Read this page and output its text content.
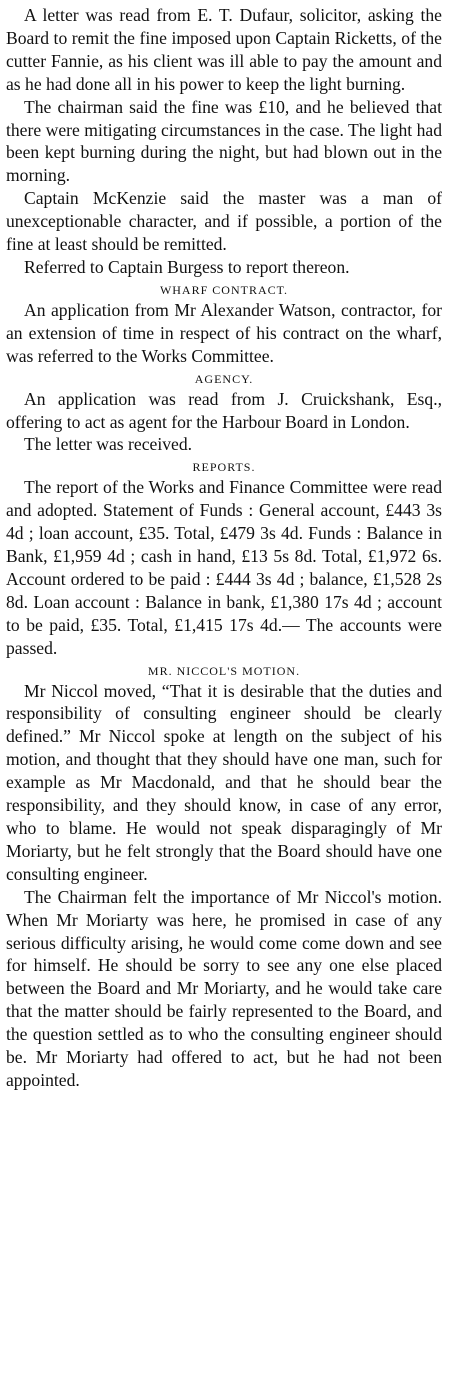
A letter was read from E. T. Dufaur, solicitor, asking the Board to remit the fine imposed upon Captain Ricketts, of the cutter Fannie, as his client was ill able to pay the amount and as he had done all in his power to keep the light burning.

The chairman said the fine was £10, and he believed that there were mitigating circumstances in the case. The light had been kept burning during the night, but had blown out in the morning.

Captain McKenzie said the master was a man of unexceptionable character, and if possible, a portion of the fine at least should be remitted.

Referred to Captain Burgess to report thereon.

WHARF CONTRACT.

An application from Mr Alexander Watson, contractor, for an extension of time in respect of his contract on the wharf, was referred to the Works Committee.

AGENCY.

An application was read from J. Cruickshank, Esq., offering to act as agent for the Harbour Board in London.

The letter was received.

REPORTS.

The report of the Works and Finance Committee were read and adopted. Statement of Funds : General account, £443 3s 4d ; loan account, £35. Total, £479 3s 4d. Funds : Balance in Bank, £1,959 4d ; cash in hand, £13 5s 8d. Total, £1,972 6s. Account ordered to be paid : £444 3s 4d ; balance, £1,528 2s 8d. Loan account : Balance in bank, £1,380 17s 4d ; account to be paid, £35. Total, £1,415 17s 4d.— The accounts were passed.

MR. NICCOL'S MOTION.

Mr Niccol moved, “That it is desirable that the duties and responsibility of consulting engineer should be clearly defined.” Mr Niccol spoke at length on the subject of his motion, and thought that they should have one man, such for example as Mr Macdonald, and that he should bear the responsibility, and they should know, in case of any error, who to blame. He would not speak disparagingly of Mr Moriarty, but he felt strongly that the Board should have one consulting engineer.

The Chairman felt the importance of Mr Niccol's motion. When Mr Moriarty was here, he promised in case of any serious difficulty arising, he would come come down and see for himself. He should be sorry to see any one else placed between the Board and Mr Moriarty, and he would take care that the matter should be fairly represented to the Board, and the question settled as to who the consulting engineer should be. Mr Moriarty had offered to act, but he had not been appointed.
